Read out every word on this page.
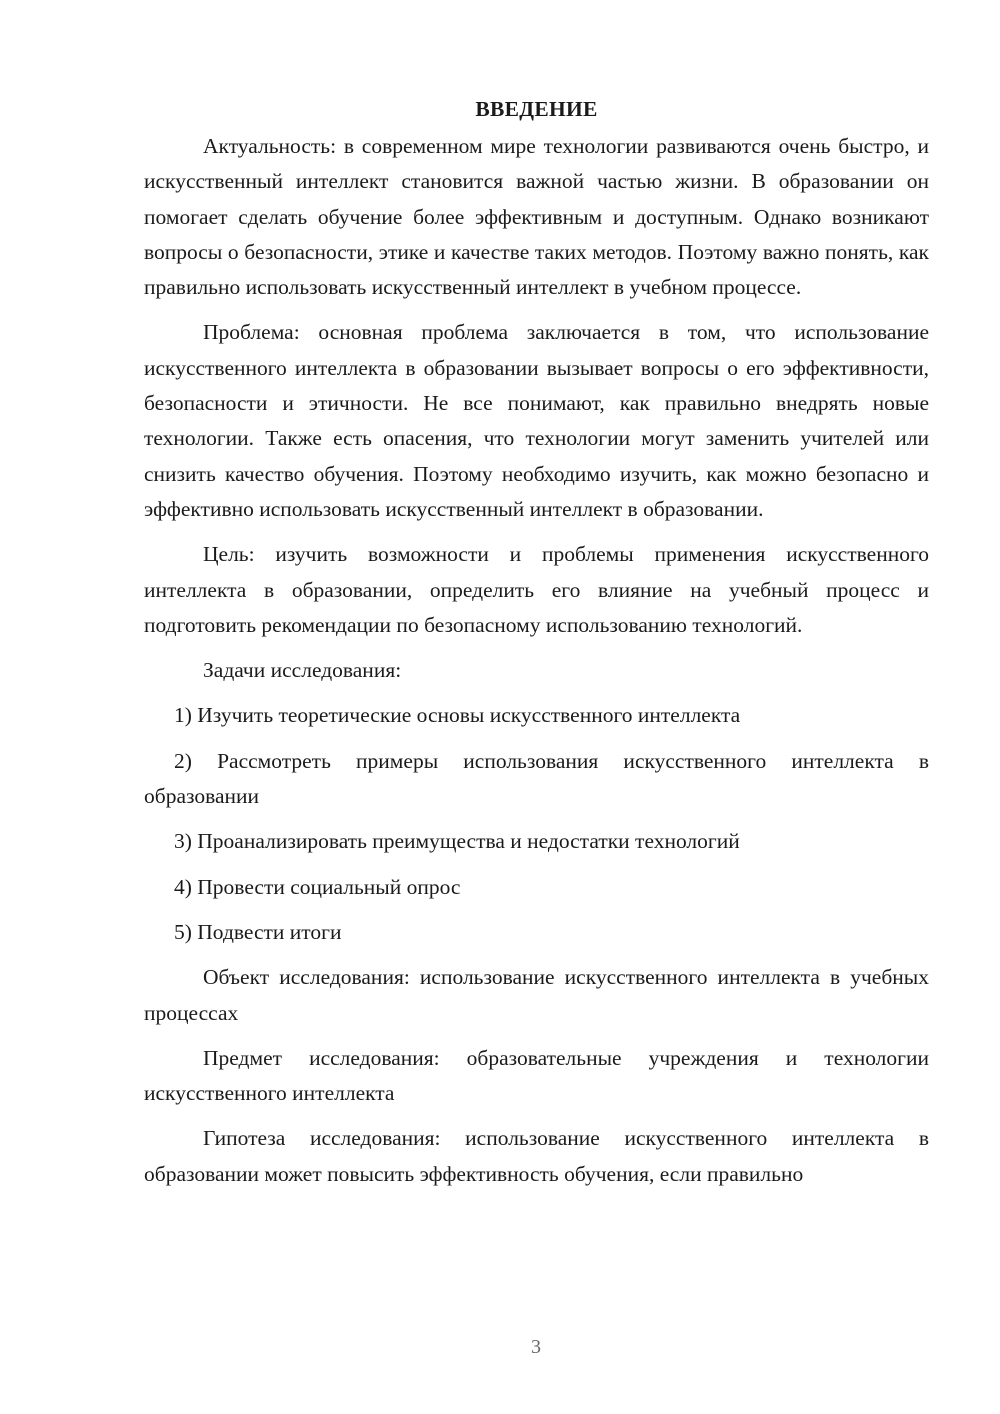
ВВЕДЕНИЕ

Актуальность: в современном мире технологии развиваются очень быстро, и искусственный интеллект становится важной частью жизни. В образовании он помогает сделать обучение более эффективным и доступным. Однако возникают вопросы о безопасности, этике и качестве таких методов. Поэтому важно понять, как правильно использовать искусственный интеллект в учебном процессе.

Проблема: основная проблема заключается в том, что использование искусственного интеллекта в образовании вызывает вопросы о его эффективности, безопасности и этичности. Не все понимают, как правильно внедрять новые технологии. Также есть опасения, что технологии могут заменить учителей или снизить качество обучения. Поэтому необходимо изучить, как можно безопасно и эффективно использовать искусственный интеллект в образовании.

Цель: изучить возможности и проблемы применения искусственного интеллекта в образовании, определить его влияние на учебный процесс и подготовить рекомендации по безопасному использованию технологий.

Задачи исследования:

1) Изучить теоретические основы искусственного интеллекта

2) Рассмотреть примеры использования искусственного интеллекта в образовании

3) Проанализировать преимущества и недостатки технологий

4) Провести социальный опрос

5) Подвести итоги

Объект исследования: использование искусственного интеллекта в учебных процессах

Предмет исследования: образовательные учреждения и технологии искусственного интеллекта

Гипотеза исследования: использование искусственного интеллекта в образовании может повысить эффективность обучения, если правильно

3
